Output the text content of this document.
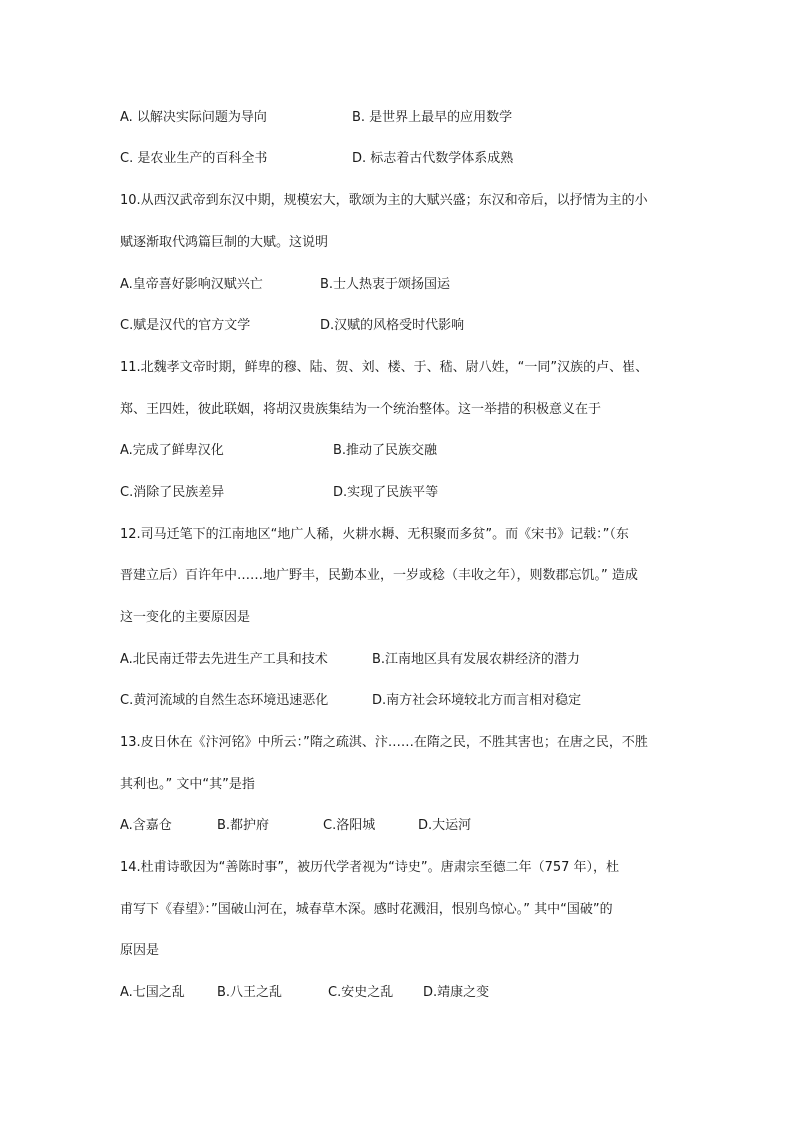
A. 以解决实际问题为导向	B. 是世界上最早的应用数学
C. 是农业生产的百科全书	D. 标志着古代数学体系成熟
10.从西汉武帝到东汉中期，规模宏大，歌颂为主的大赋兴盛；东汉和帝后，以抒情为主的小
赋逐渐取代鸿篇巨制的大赋。这说明
A.皇帝喜好影响汉赋兴亡	B.士人热衷于颂扬国运
C.赋是汉代的官方文学	D.汉赋的风格受时代影响
11.北魏孝文帝时期，鲜卑的穆、陆、贺、刘、楼、于、嵇、尉八姓，“一同”汉族的卢、崔、
郑、王四姓，彼此联姻，将胡汉贵族集结为一个统治整体。这一举措的积极意义在于
A.完成了鲜卑汉化	B.推动了民族交融
C.消除了民族差异	D.实现了民族平等
12.司马迁笔下的江南地区“地广人稀，火耕水耨、无积聚而多贫”。而《宋书》记载：”（东
晋建立后）百许年中……地广野丰，民勤本业，一岁或稔（丰收之年），则数郡忘饥。” 造成
这一变化的主要原因是
A.北民南迁带去先进生产工具和技术	B.江南地区具有发展农耕经济的潜力
C.黄河流域的自然生态环境迅速恶化	D.南方社会环境较北方而言相对稳定
13.皮日休在《汴河铭》中所云：”隋之疏淇、汴……在隋之民，不胜其害也；在唐之民，不胜
其利也。” 文中“其”是指
A.含嘉仓	B.都护府	C.洛阳城	D.大运河
14.杜甫诗歌因为“善陈时事”，被历代学者视为“诗史”。唐肃宗至德二年（757 年），杜
甫写下《春望》：”国破山河在，城春草木深。感时花溅泪，恨别鸟惊心。” 其中“国破”的
原因是
A.七国之乱 B.八王之乱	C.安史之乱 D.靖康之变
